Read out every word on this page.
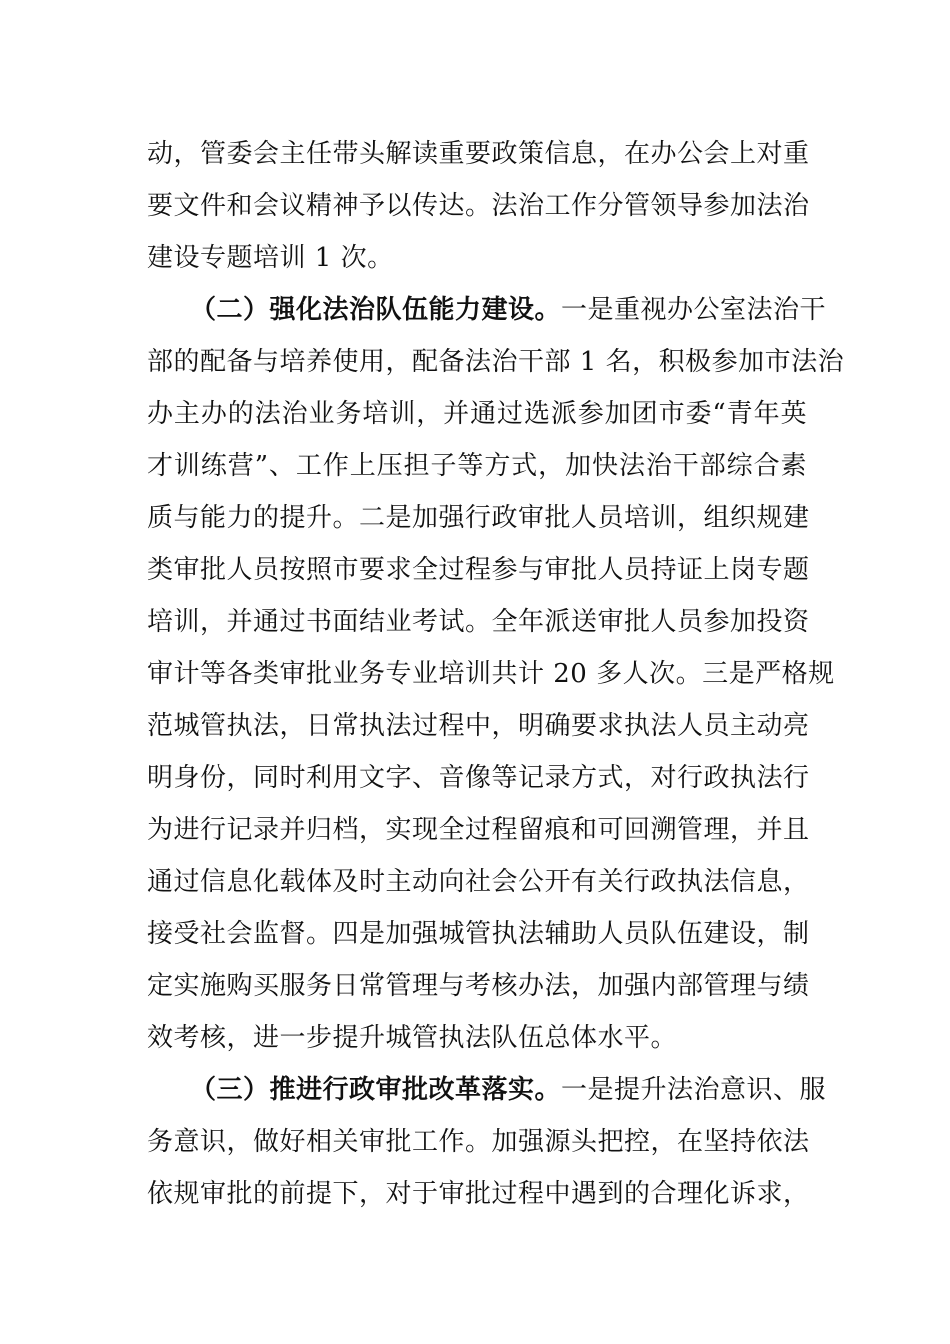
动，管委会主任带头解读重要政策信息，在办公会上对重
要文件和会议精神予以传达。法治工作分管领导参加法治
建设专题培训 1 次。
（二）强化法治队伍能力建设。一是重视办公室法治干
部的配备与培养使用，配备法治干部 1 名，积极参加市法治
办主办的法治业务培训，并通过选派参加团市委“青年英
才训练营”、工作上压担子等方式，加快法治干部综合素
质与能力的提升。二是加强行政审批人员培训，组织规建
类审批人员按照市要求全过程参与审批人员持证上岗专题
培训，并通过书面结业考试。全年派送审批人员参加投资
审计等各类审批业务专业培训共计 20 多人次。三是严格规
范城管执法，日常执法过程中，明确要求执法人员主动亮
明身份，同时利用文字、音像等记录方式，对行政执法行
为进行记录并归档，实现全过程留痕和可回溯管理，并且
通过信息化载体及时主动向社会公开有关行政执法信息，
接受社会监督。四是加强城管执法辅助人员队伍建设，制
定实施购买服务日常管理与考核办法，加强内部管理与绩
效考核，进一步提升城管执法队伍总体水平。
（三）推进行政审批改革落实。一是提升法治意识、服
务意识，做好相关审批工作。加强源头把控，在坚持依法
依规审批的前提下，对于审批过程中遇到的合理化诉求，
